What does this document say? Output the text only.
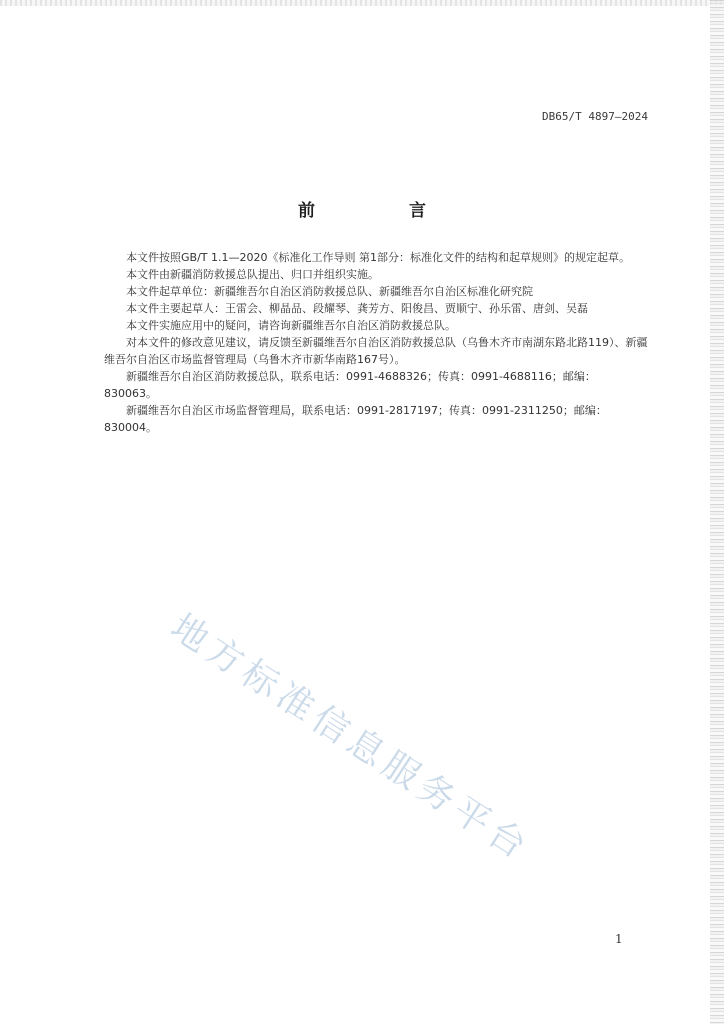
DB65/T 4897—2024
前 言

本文件按照GB/T 1.1—2020《标准化工作导则 第1部分：标准化文件的结构和起草规则》的规定起草。

本文件由新疆消防救援总队提出、归口并组织实施。

本文件起草单位：新疆维吾尔自治区消防救援总队、新疆维吾尔自治区标准化研究院

本文件主要起草人：王雷会、柳晶品、段耀琴、龚芳方、阳俊昌、贾顺宁、孙乐雷、唐剑、吴磊

本文件实施应用中的疑问，请咨询新疆维吾尔自治区消防救援总队。

对本文件的修改意见建议，请反馈至新疆维吾尔自治区消防救援总队（乌鲁木齐市南湖东路北路119）、新疆维吾尔自治区市场监督管理局（乌鲁木齐市新华南路167号）。

新疆维吾尔自治区消防救援总队，联系电话：0991-4688326；传真：0991-4688116；邮编：830063。

新疆维吾尔自治区市场监督管理局，联系电话：0991-2817197；传真：0991-2311250；邮编：830004。

地方标准信息服务平台
1
